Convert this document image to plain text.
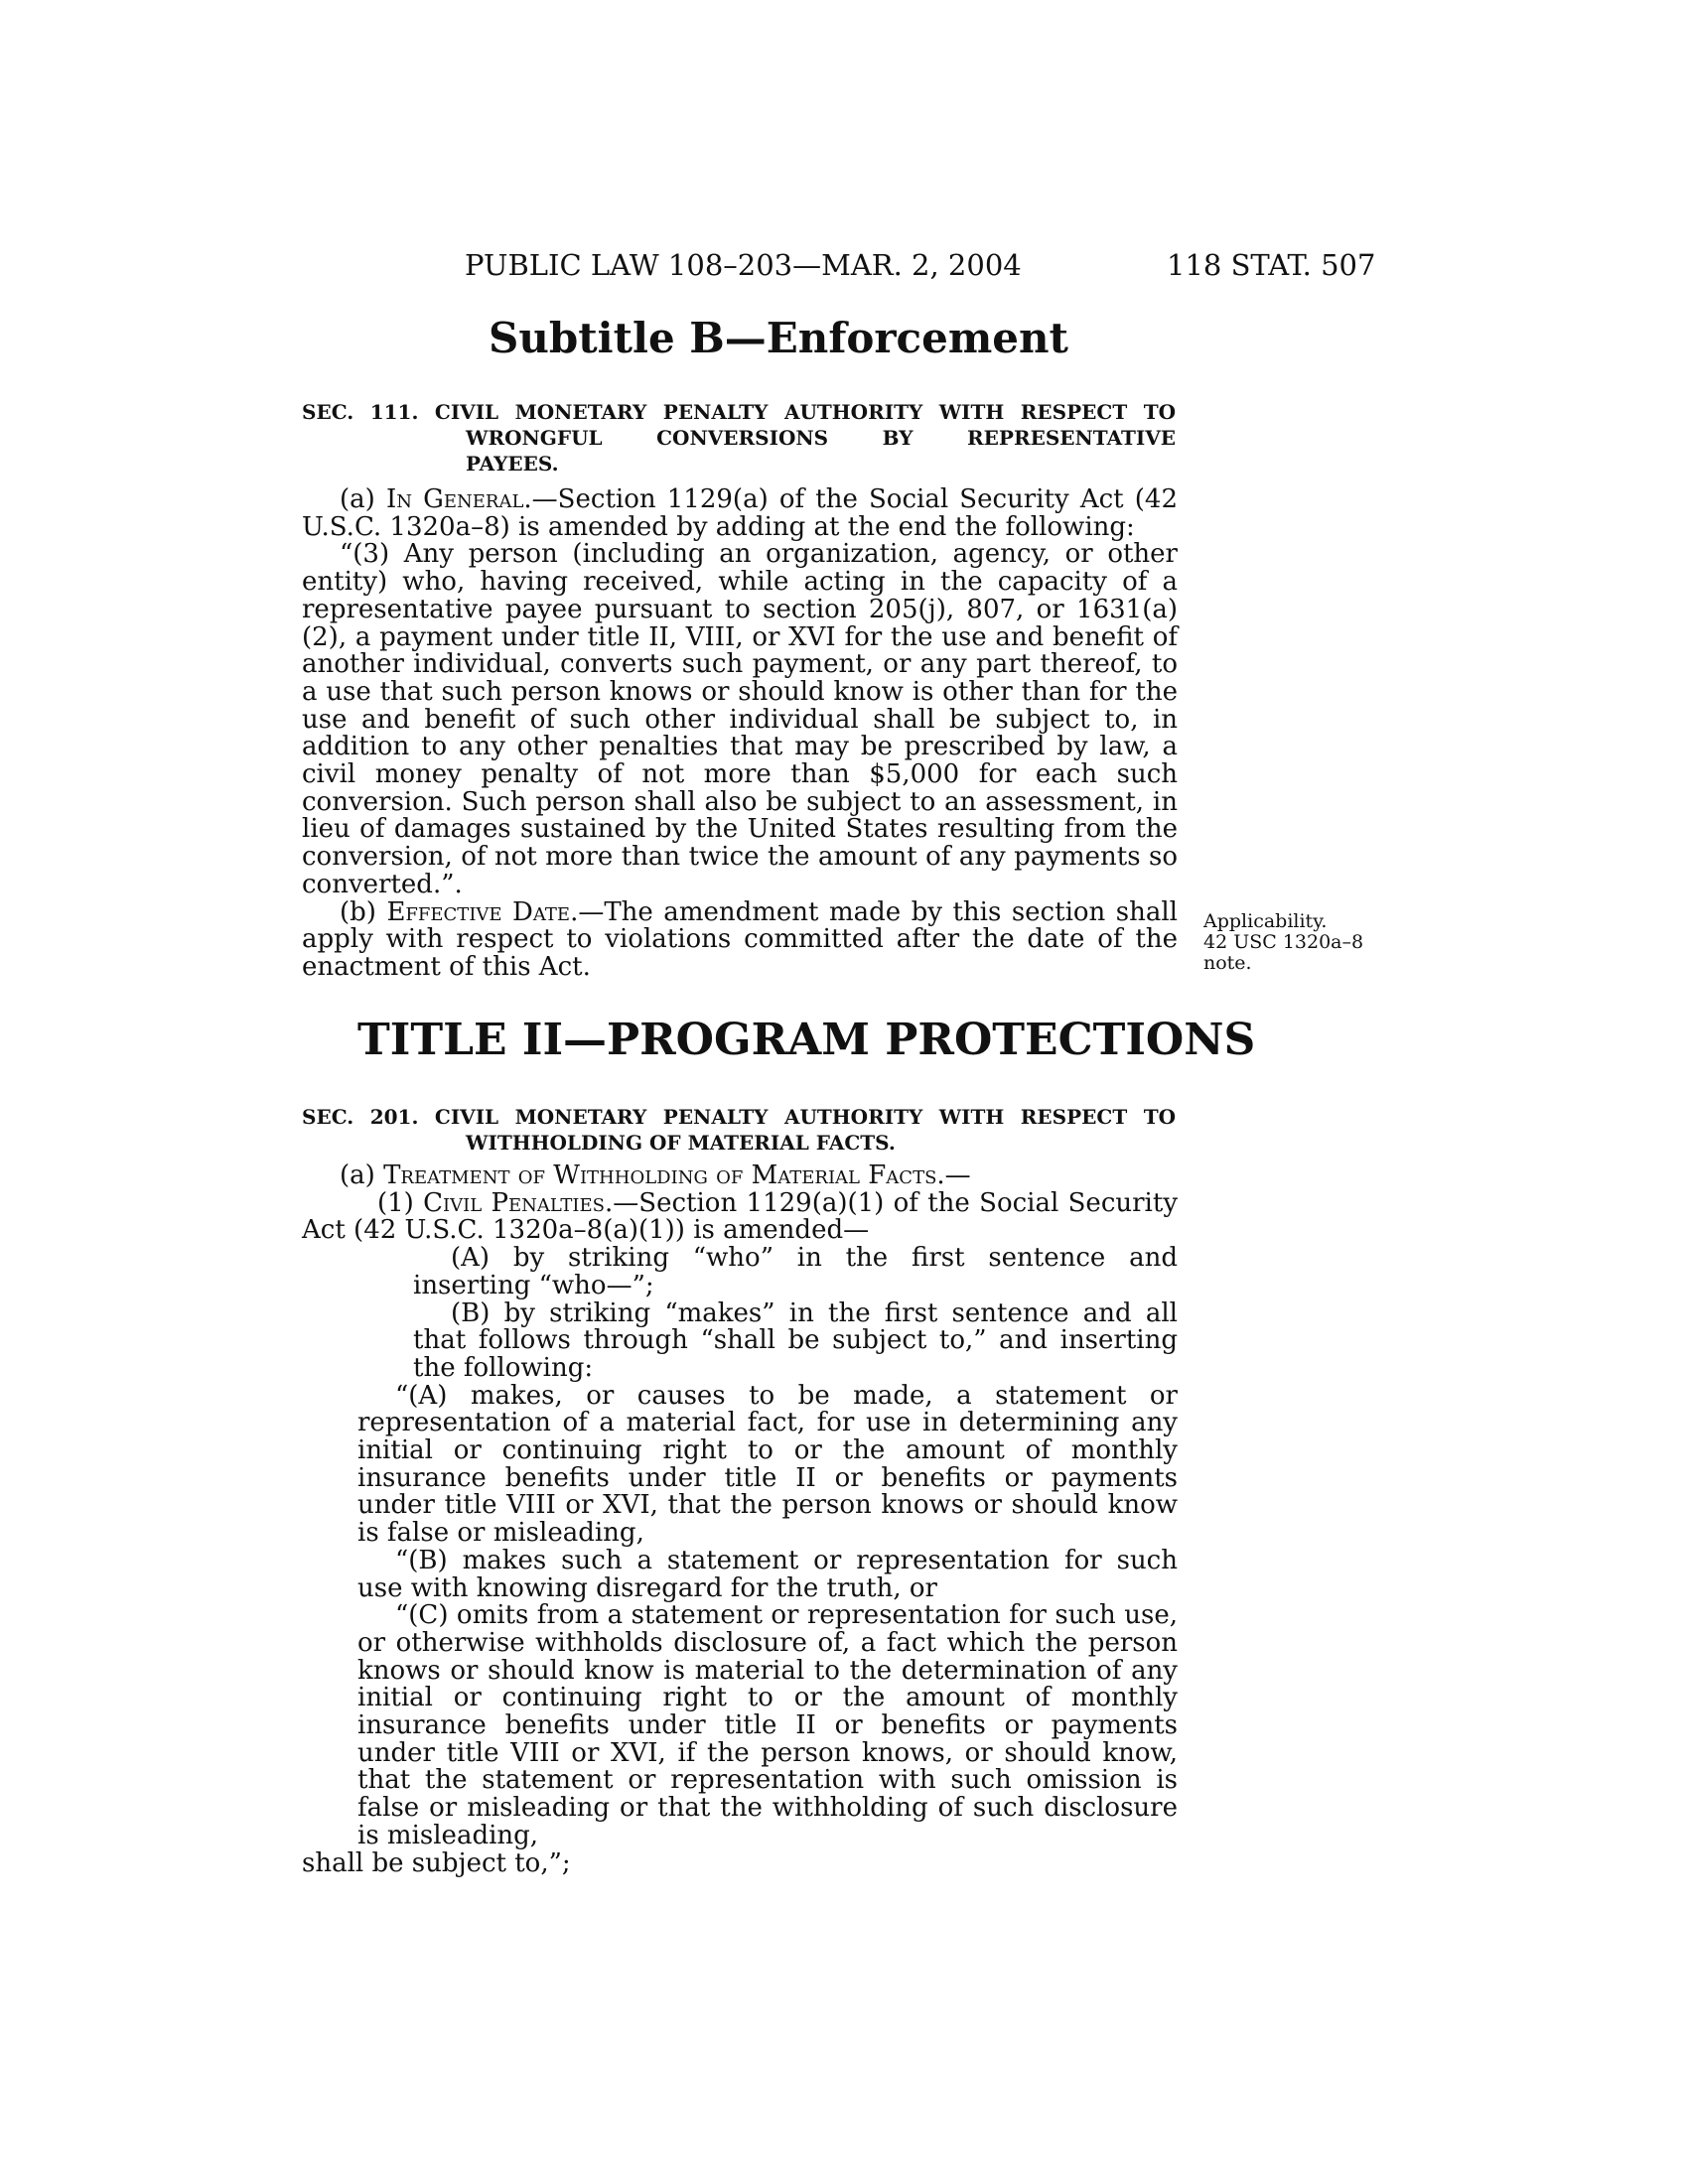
PUBLIC LAW 108–203—MAR. 2, 2004	118 STAT. 507
Subtitle B—Enforcement
SEC. 111. CIVIL MONETARY PENALTY AUTHORITY WITH RESPECT TO
WRONGFUL CONVERSIONS BY REPRESENTATIVE
PAYEES.

(a) In General.—Section 1129(a) of the Social Security Act (42 U.S.C. 1320a–8) is amended by adding at the end the following:

“(3) Any person (including an organization, agency, or other entity) who, having received, while acting in the capacity of a representative payee pursuant to section 205(j), 807, or 1631(a)(2), a payment under title II, VIII, or XVI for the use and benefit of another individual, converts such payment, or any part thereof, to a use that such person knows or should know is other than for the use and benefit of such other individual shall be subject to, in addition to any other penalties that may be prescribed by law, a civil money penalty of not more than $5,000 for each such conversion. Such person shall also be subject to an assessment, in lieu of damages sustained by the United States resulting from the conversion, of not more than twice the amount of any payments so converted.”.

(b) Effective Date.—The amendment made by this section shall apply with respect to violations committed after the date of the enactment of this Act.

Applicability.
42 USC 1320a–8
note.
TITLE II—PROGRAM PROTECTIONS
SEC. 201. CIVIL MONETARY PENALTY AUTHORITY WITH RESPECT TO
WITHHOLDING OF MATERIAL FACTS.

(a) Treatment of Withholding of Material Facts.—

(1) Civil Penalties.—Section 1129(a)(1) of the Social Security Act (42 U.S.C. 1320a–8(a)(1)) is amended—

(A) by striking “who” in the first sentence and inserting “who—”;

(B) by striking “makes” in the first sentence and all that follows through “shall be subject to,” and inserting the following:

“(A) makes, or causes to be made, a statement or representation of a material fact, for use in determining any initial or continuing right to or the amount of monthly insurance benefits under title II or benefits or payments under title VIII or XVI, that the person knows or should know is false or misleading,

“(B) makes such a statement or representation for such use with knowing disregard for the truth, or

“(C) omits from a statement or representation for such use, or otherwise withholds disclosure of, a fact which the person knows or should know is material to the determination of any initial or continuing right to or the amount of monthly insurance benefits under title II or benefits or payments under title VIII or XVI, if the person knows, or should know, that the statement or representation with such omission is false or misleading or that the withholding of such disclosure is misleading,

shall be subject to,”;
